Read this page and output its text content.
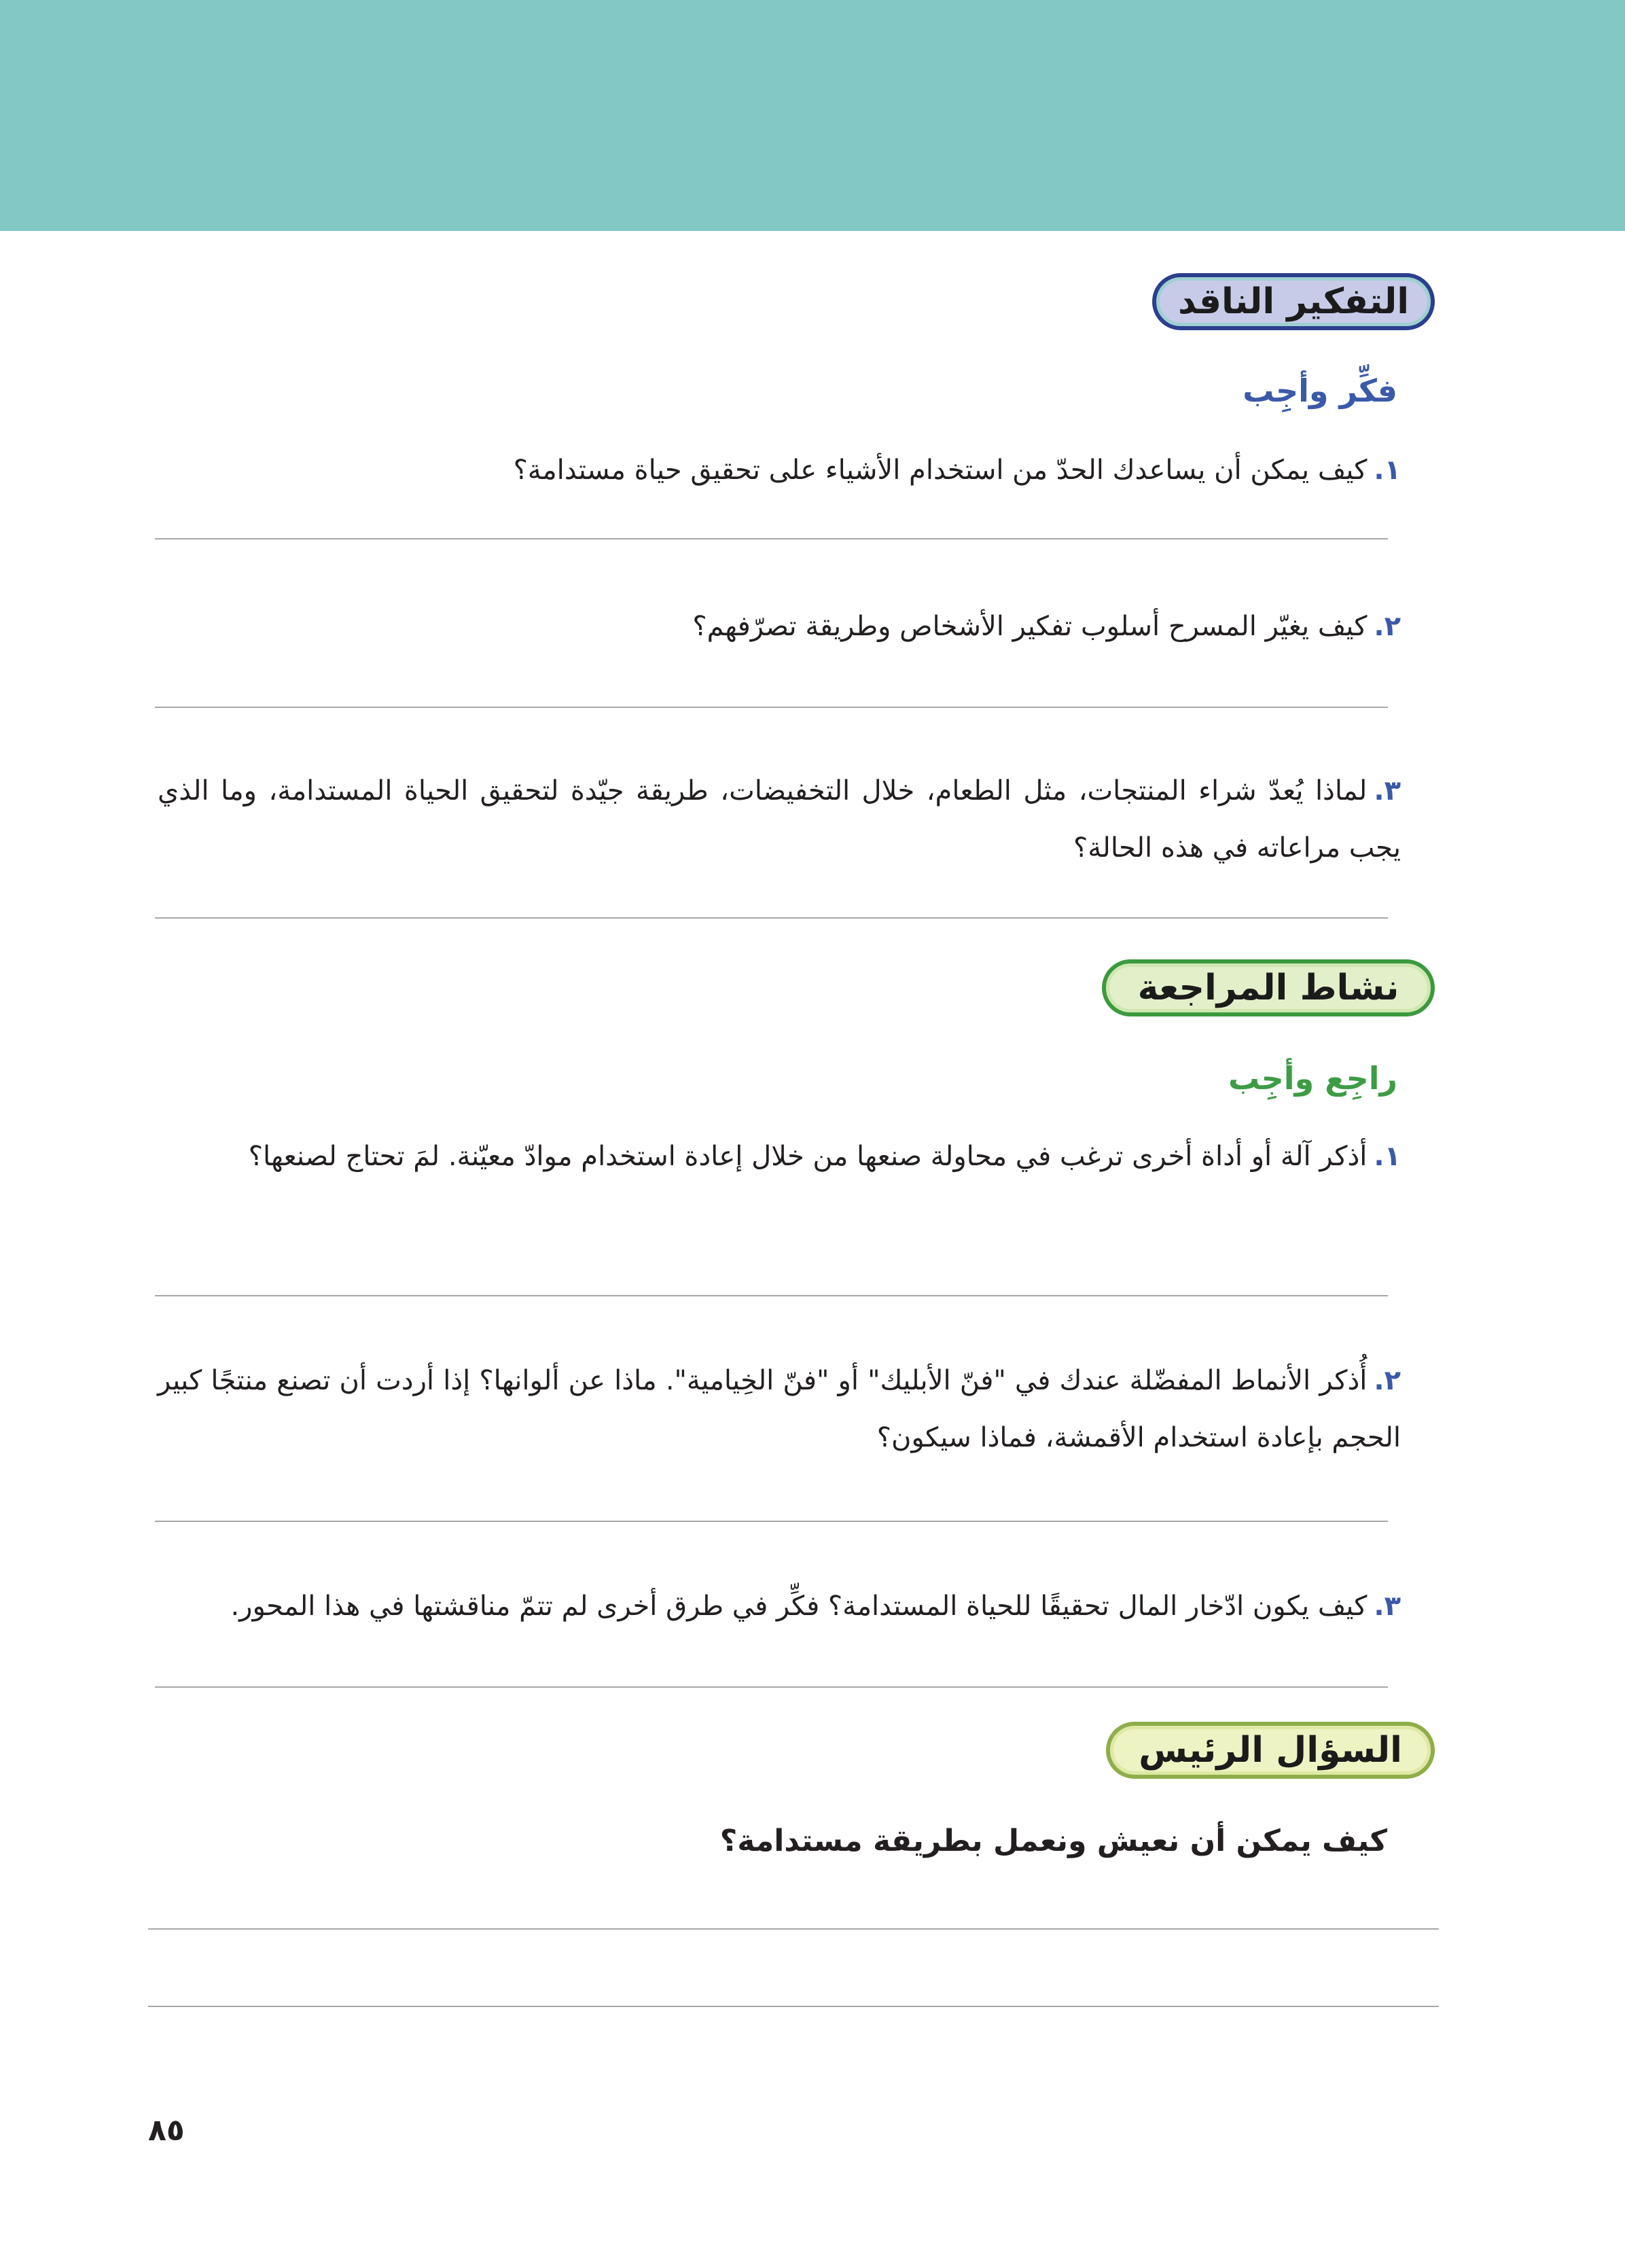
التفكير الناقد
فكِّر وأجِب
١.كيف يمكن أن يساعدك الحدّ من استخدام الأشياء على تحقيق حياة مستدامة؟
٢.كيف يغيّر المسرح أسلوب تفكير الأشخاص وطريقة تصرّفهم؟
٣.لماذا يُعدّ شراء المنتجات، مثل الطعام، خلال التخفيضات، طريقة جيّدة لتحقيق الحياة المستدامة، وما الذي يجب مراعاته في هذه الحالة؟
نشاط المراجعة
راجِع وأجِب
١.أذكر آلة أو أداة أخرى ترغب في محاولة صنعها من خلال إعادة استخدام موادّ معيّنة. لمَ تحتاج لصنعها؟
٢.أُذكر الأنماط المفضّلة عندك في "فنّ الأبليك" أو "فنّ الخِيامية". ماذا عن ألوانها؟ إذا أردت أن تصنع منتجًا كبير الحجم بإعادة استخدام الأقمشة، فماذا سيكون؟
٣.كيف يكون ادّخار المال تحقيقًا للحياة المستدامة؟ فكِّر في طرق أخرى لم تتمّ مناقشتها في هذا المحور.
السؤال الرئيس
كيف يمكن أن نعيش ونعمل بطريقة مستدامة؟
٨٥
